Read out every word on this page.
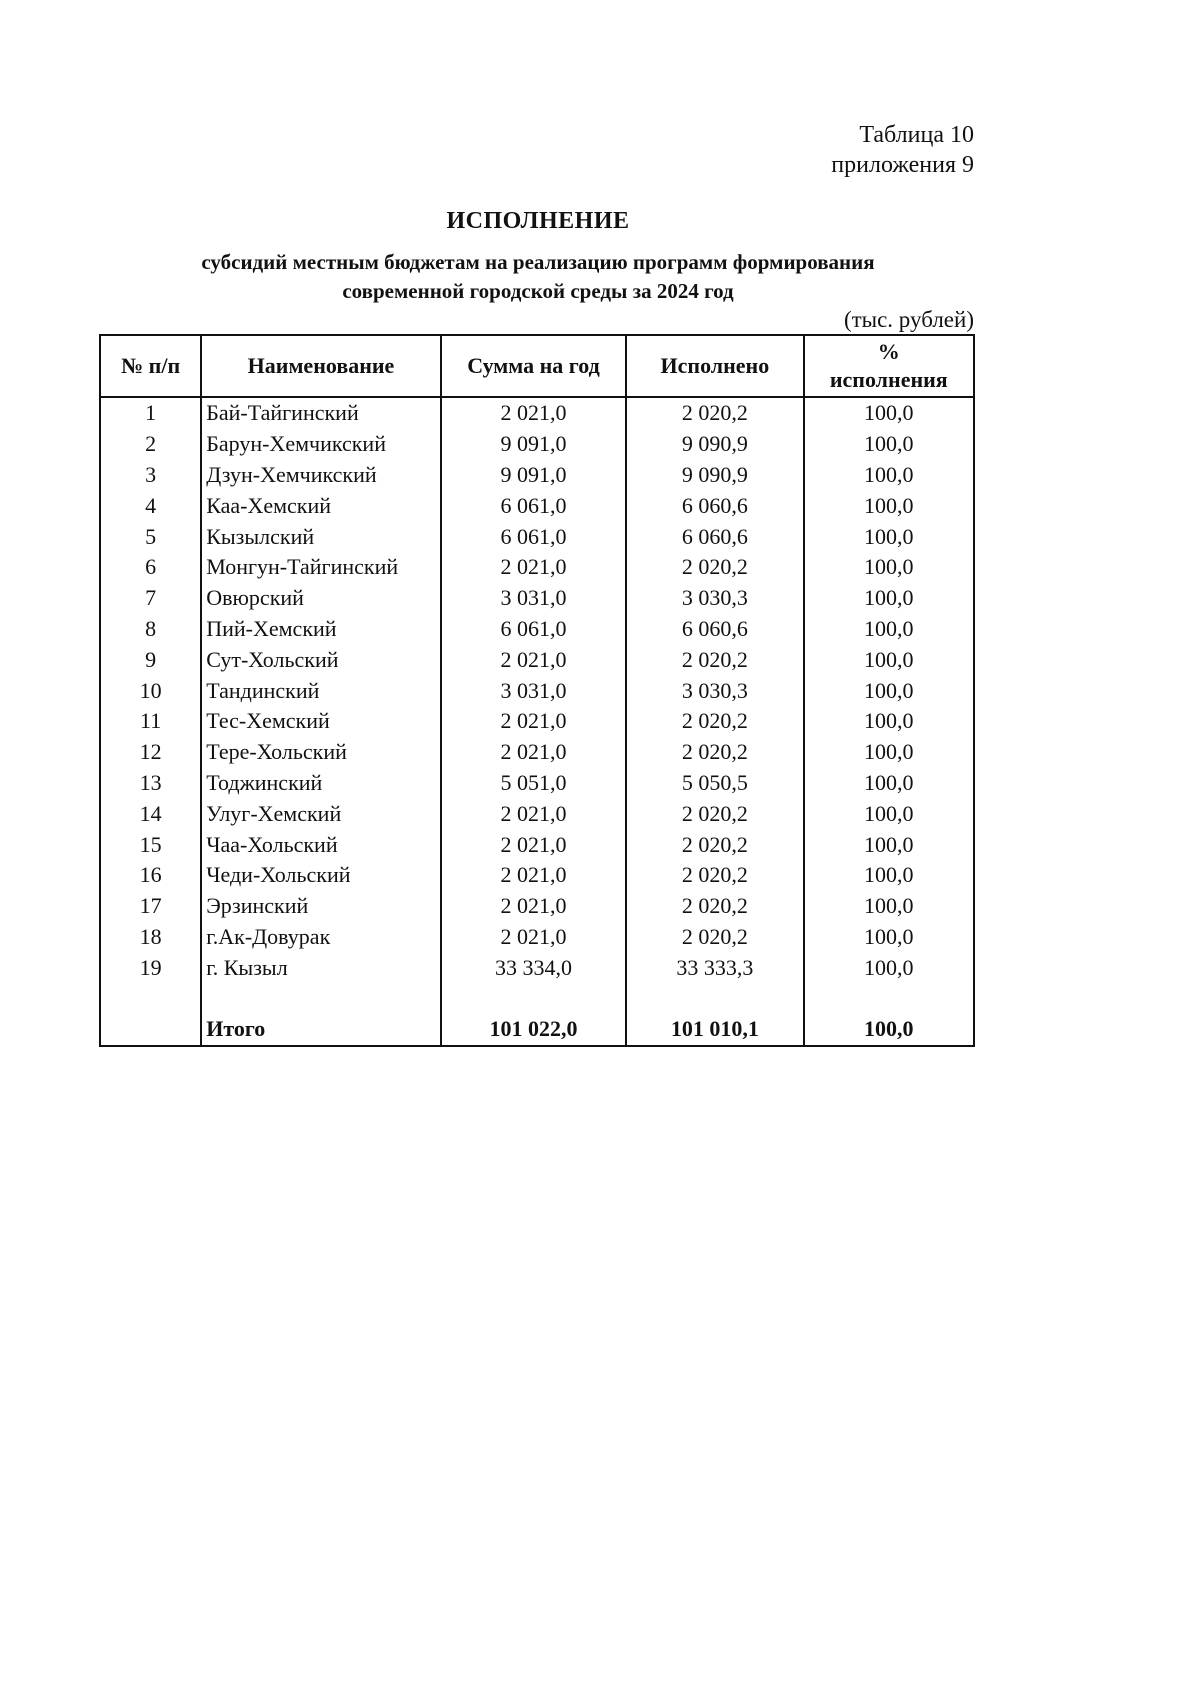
Таблица 10
приложения 9
ИСПОЛНЕНИЕ
субсидий местным бюджетам на реализацию программ формирования
современной городской среды за 2024 год
(тыс. рублей)
№ п/п	Наименование	Сумма на год	Исполнено	%
исполнения

1	Бай-Тайгинский	2 021,0	2 020,2	100,0
2	Барун-Хемчикский	9 091,0	9 090,9	100,0
3	Дзун-Хемчикский	9 091,0	9 090,9	100,0
4	Каа-Хемский	6 061,0	6 060,6	100,0
5	Кызылский	6 061,0	6 060,6	100,0
6	Монгун-Тайгинский	2 021,0	2 020,2	100,0
7	Овюрский	3 031,0	3 030,3	100,0
8	Пий-Хемский	6 061,0	6 060,6	100,0
9	Сут-Хольский	2 021,0	2 020,2	100,0
10	Тандинский	3 031,0	3 030,3	100,0
11	Тес-Хемский	2 021,0	2 020,2	100,0
12	Тере-Хольский	2 021,0	2 020,2	100,0
13	Тоджинский	5 051,0	5 050,5	100,0
14	Улуг-Хемский	2 021,0	2 020,2	100,0
15	Чаа-Хольский	2 021,0	2 020,2	100,0
16	Чеди-Хольский	2 021,0	2 020,2	100,0
17	Эрзинский	2 021,0	2 020,2	100,0
18	г.Ак-Довурак	2 021,0	2 020,2	100,0
19	г. Кызыл	33 334,0	33 333,3	100,0

	Итого	101 022,0	101 010,1	100,0
